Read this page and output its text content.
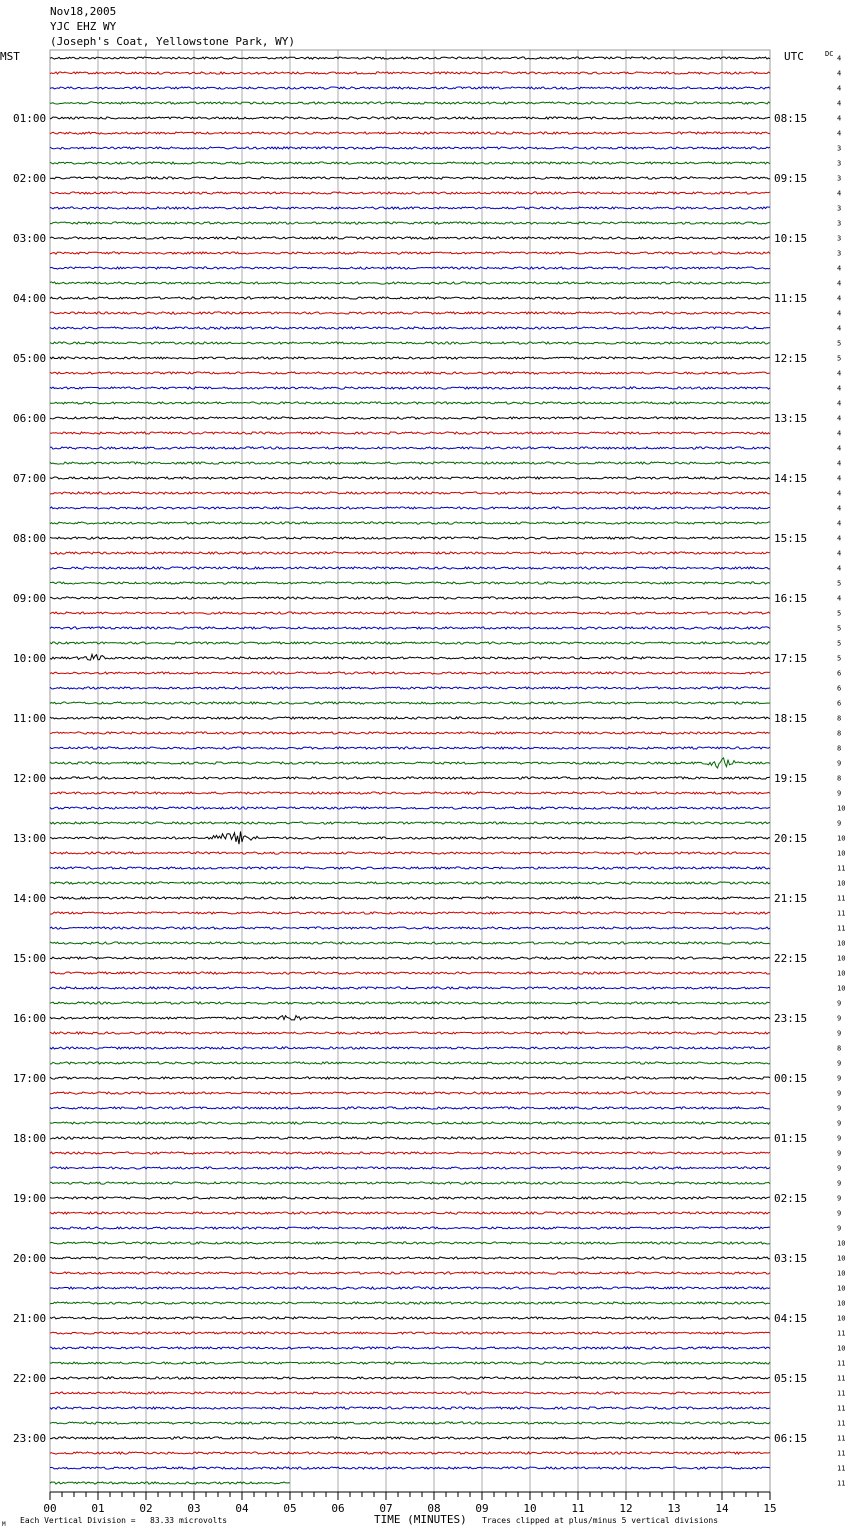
Nov18,2005
YJC EHZ WY
(Joseph's Coat, Yellowstone Park, WY)
MST	UTC	DC
01:00
02:00
03:00
04:00
05:00
06:00
07:00
08:00
09:00
10:00
11:00
12:00
13:00
14:00
15:00
16:00
17:00
18:00
19:00
20:00
21:00
22:00
23:00
08:15
09:15
10:15
11:15
12:15
13:15
14:15
15:15
16:15
17:15
18:15
19:15
20:15
21:15
22:15
23:15
00:15
01:15
02:15
03:15
04:15
05:15
06:15
4
4
4
4
4
4
3
3
3
4
3
3
3
3
4
4
4
4
4
5
5
4
4
4
4
4
4
4
4
4
4
4
4
4
4
5
4
5
5
5
5
6
6
6
8
8
8
9
8
9
10
9
10
10
11
10
11
11
11
10
10
10
10
9
9
9
8
9
9
9
9
9
9
9
9
9
9
9
9
10
10
10
10
10
10
11
10
11
11
11
11
11
11
11
11
11
00	01	02	03	04	05	06	07	08	09	10	11	12	13	14	15
TIME (MINUTES)
Each Vertical Division =   83.33 microvolts	Traces clipped at plus/minus 5 vertical divisions
M
